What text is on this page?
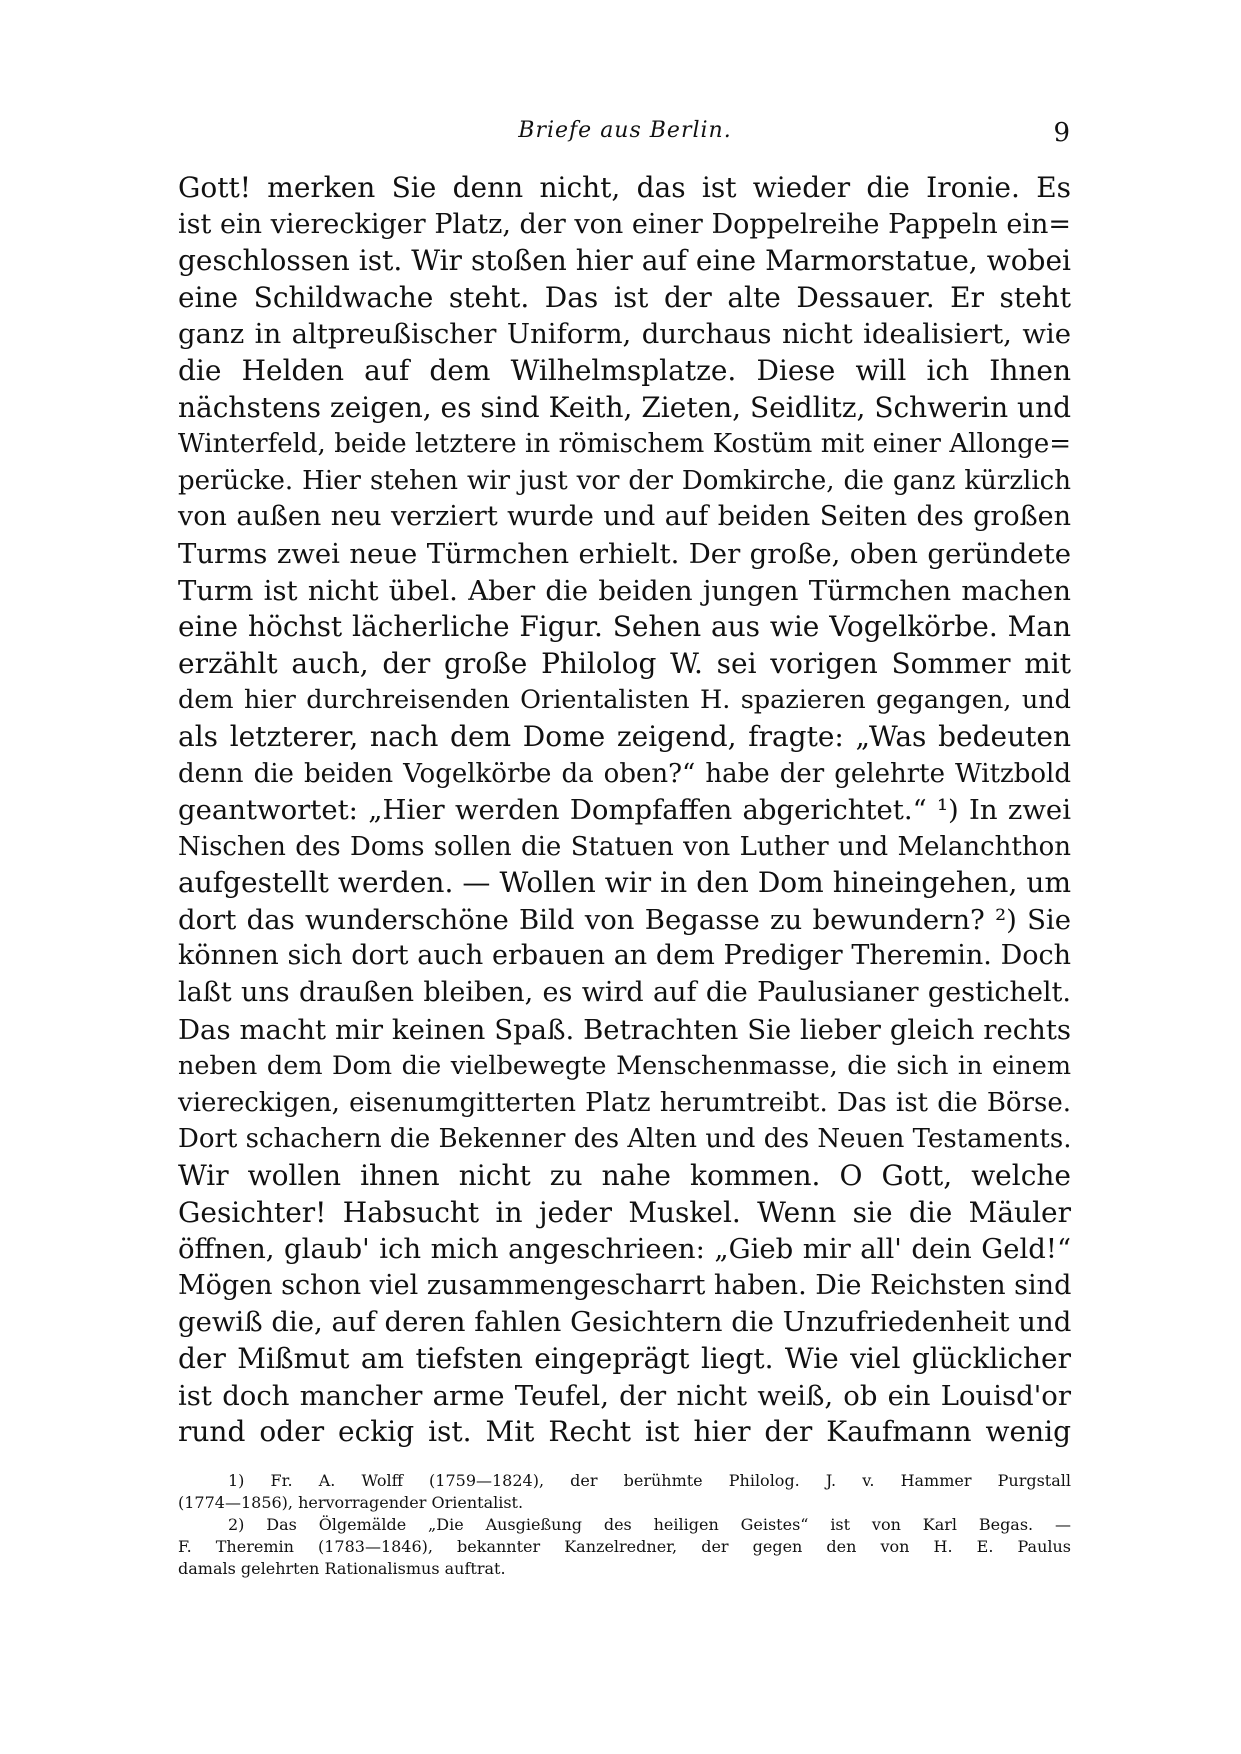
Briefe aus Berlin.	9
Gott! merken Sie denn nicht, das ist wieder die Ironie. Es
ist ein viereckiger Platz, der von einer Doppelreihe Pappeln ein=
geschlossen ist. Wir stoßen hier auf eine Marmorstatue, wobei
eine Schildwache steht. Das ist der alte Dessauer. Er steht
ganz in altpreußischer Uniform, durchaus nicht idealisiert, wie
die Helden auf dem Wilhelmsplatze. Diese will ich Ihnen
nächstens zeigen, es sind Keith, Zieten, Seidlitz, Schwerin und
Winterfeld, beide letztere in römischem Kostüm mit einer Allonge=
perücke. Hier stehen wir just vor der Domkirche, die ganz kürzlich
von außen neu verziert wurde und auf beiden Seiten des großen
Turms zwei neue Türmchen erhielt. Der große, oben geründete
Turm ist nicht übel. Aber die beiden jungen Türmchen machen
eine höchst lächerliche Figur. Sehen aus wie Vogelkörbe. Man
erzählt auch, der große Philolog W. sei vorigen Sommer mit
dem hier durchreisenden Orientalisten H. spazieren gegangen, und
als letzterer, nach dem Dome zeigend, fragte: „Was bedeuten
denn die beiden Vogelkörbe da oben?“ habe der gelehrte Witzbold
geantwortet: „Hier werden Dompfaffen abgerichtet.“ ¹) In zwei
Nischen des Doms sollen die Statuen von Luther und Melanchthon
aufgestellt werden. — Wollen wir in den Dom hineingehen, um
dort das wunderschöne Bild von Begasse zu bewundern? ²) Sie
können sich dort auch erbauen an dem Prediger Theremin. Doch
laßt uns draußen bleiben, es wird auf die Paulusianer gestichelt.
Das macht mir keinen Spaß. Betrachten Sie lieber gleich rechts
neben dem Dom die vielbewegte Menschenmasse, die sich in einem
viereckigen, eisenumgitterten Platz herumtreibt. Das ist die Börse.
Dort schachern die Bekenner des Alten und des Neuen Testaments.
Wir wollen ihnen nicht zu nahe kommen. O Gott, welche
Gesichter! Habsucht in jeder Muskel. Wenn sie die Mäuler
öffnen, glaub' ich mich angeschrieen: „Gieb mir all' dein Geld!“
Mögen schon viel zusammengescharrt haben. Die Reichsten sind
gewiß die, auf deren fahlen Gesichtern die Unzufriedenheit und
der Mißmut am tiefsten eingeprägt liegt. Wie viel glücklicher
ist doch mancher arme Teufel, der nicht weiß, ob ein Louisd'or
rund oder eckig ist. Mit Recht ist hier der Kaufmann wenig
1) Fr. A. Wolff (1759—1824), der berühmte Philolog. J. v. Hammer Purgstall
(1774—1856), hervorragender Orientalist.
2) Das Ölgemälde „Die Ausgießung des heiligen Geistes“ ist von Karl Begas. —
F. Theremin (1783—1846), bekannter Kanzelredner, der gegen den von H. E. Paulus
damals gelehrten Rationalismus auftrat.
